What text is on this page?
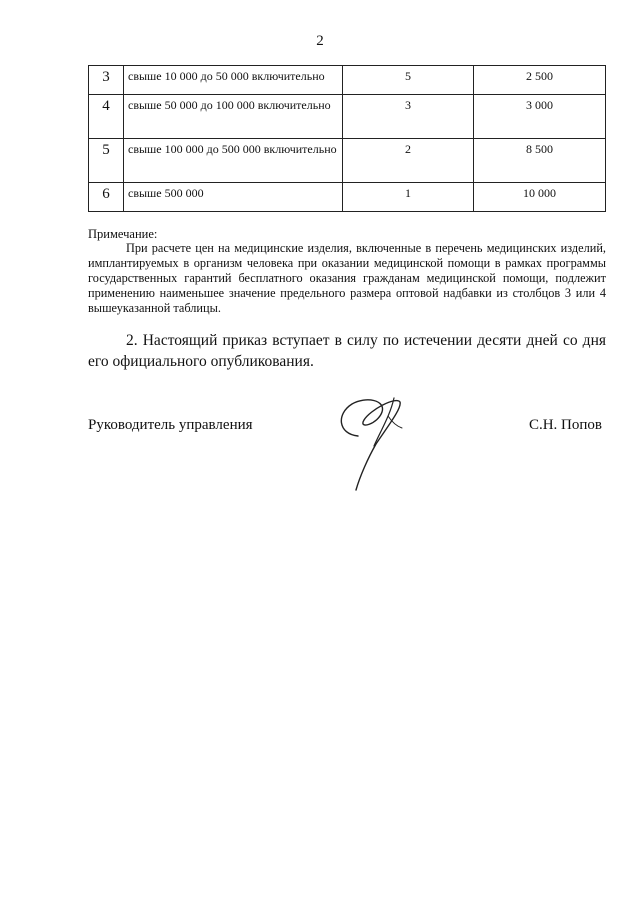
2
3	свыше 10 000 до 50 000 включительно	5	2 500
4	свыше 50 000 до 100 000 включительно	3	3 000
5	свыше 100 000 до 500 000 включительно	2	8 500
6	свыше 500 000	1	10 000
Примечание:
При расчете цен на медицинские изделия, включенные в перечень медицинских изделий, имплантируемых в организм человека при оказании медицинской помощи в рамках программы государственных гарантий бесплатного оказания гражданам медицинской помощи, подлежит применению наименьшее значение предельного размера оптовой надбавки из столбцов 3 или 4 вышеуказанной таблицы.
2. Настоящий приказ вступает в силу по истечении десяти дней со дня его официального опубликования.
Руководитель управления	С.Н. Попов
